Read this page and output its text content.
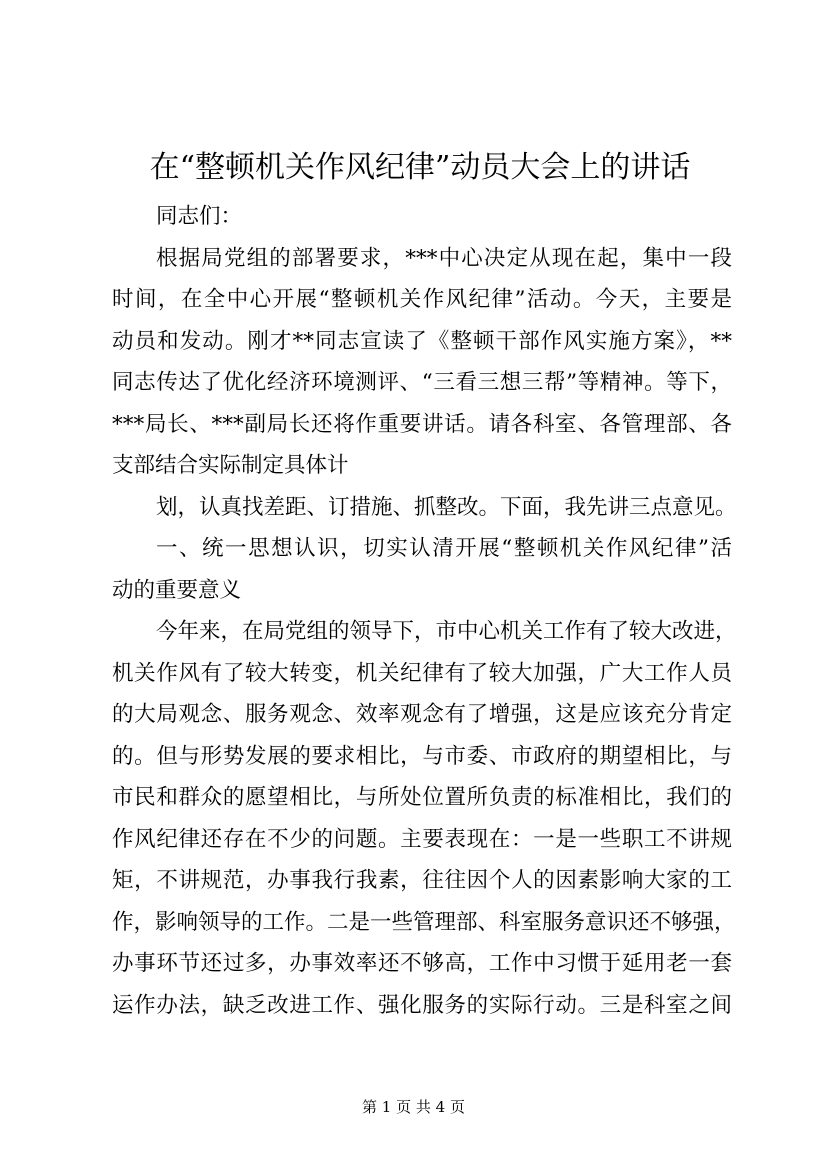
在“整顿机关作风纪律”动员大会上的讲话
同志们：
根据局党组的部署要求，***中心决定从现在起，集中一段
时间，在全中心开展“整顿机关作风纪律”活动。今天，主要是
动员和发动。刚才**同志宣读了《整顿干部作风实施方案》，**
同志传达了优化经济环境测评、“三看三想三帮”等精神。等下，
***局长、***副局长还将作重要讲话。请各科室、各管理部、各
支部结合实际制定具体计
划，认真找差距、订措施、抓整改。下面，我先讲三点意见。
一、统一思想认识，切实认清开展“整顿机关作风纪律”活
动的重要意义
今年来，在局党组的领导下，市中心机关工作有了较大改进，
机关作风有了较大转变，机关纪律有了较大加强，广大工作人员
的大局观念、服务观念、效率观念有了增强，这是应该充分肯定
的。但与形势发展的要求相比，与市委、市政府的期望相比，与
市民和群众的愿望相比，与所处位置所负责的标准相比，我们的
作风纪律还存在不少的问题。主要表现在：一是一些职工不讲规
矩，不讲规范，办事我行我素，往往因个人的因素影响大家的工
作，影响领导的工作。二是一些管理部、科室服务意识还不够强，
办事环节还过多，办事效率还不够高，工作中习惯于延用老一套
运作办法，缺乏改进工作、强化服务的实际行动。三是科室之间
第 1 页 共 4 页
